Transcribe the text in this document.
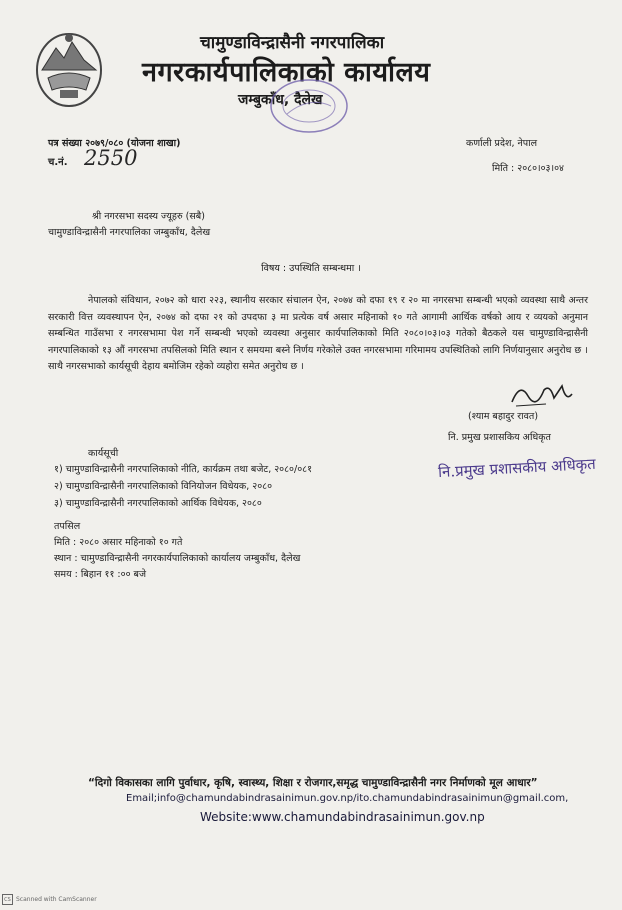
चामुण्डाविन्द्रासैनी नगरपालिका
नगरकार्यपालिकाको कार्यालय
जम्बुकाँध, दैलेख
पत्र संख्या २०७९/०८० (योजना शाखा)
च.नं. 2550
कर्णाली प्रदेश, नेपाल
मिति : २०८०।०३।०४
श्री नगरसभा सदस्य ज्यूहरु (सबै)
चामुण्डाविन्द्रासैनी नगरपालिका जम्बुकाँध, दैलेख
विषय : उपस्थिति सम्बन्धमा ।
नेपालको संविधान, २०७२ को धारा २२३, स्थानीय सरकार संचालन ऐन, २०७४ को दफा १९ र २० मा नगरसभा सम्बन्धी भएको व्यवस्था साथै अन्तर सरकारी वित्त व्यवस्थापन ऐन, २०७४ को दफा २१ को उपदफा ३ मा प्रत्येक वर्ष असार महिनाको १० गते आगामी आर्थिक वर्षको आय र व्ययको अनुमान सम्बन्धित गाउँसभा र नगरसभामा पेश गर्ने सम्बन्धी भएको व्यवस्था अनुसार कार्यपालिकाको मिति २०८०।०३।०३ गतेको बैठकले यस चामुण्डाविन्द्रासैनी नगरपालिकाको १३ औं नगरसभा तपसिलको मिति स्थान र समयमा बस्ने निर्णय गरेकोले उक्त नगरसभामा गरिमामय उपस्थितिको लागि निर्णयानुसार अनुरोध छ । साथै नगरसभाको कार्यसूची देहाय बमोजिम रहेको व्यहोरा समेत अनुरोध छ ।
(श्याम बहादुर रावत)
नि. प्रमुख प्रशासकिय अधिकृत
नि.प्रमुख प्रशासकीय अधिकृत
कार्यसूची
१) चामुण्डाविन्द्रासैनी नगरपालिकाको नीति, कार्यक्रम तथा बजेट, २०८०/०८१
२) चामुण्डाविन्द्रासैनी नगरपालिकाको विनियोजन विधेयक, २०८०
३) चामुण्डाविन्द्रासैनी नगरपालिकाको आर्थिक विधेयक, २०८०
तपसिल
मिति : २०८० असार महिनाको १० गते
स्थान : चामुण्डाविन्द्रासैनी नगरकार्यपालिकाको कार्यालय जम्बुकाँध, दैलेख
समय : बिहान ११ :०० बजे
“दिगो विकासका लागि पुर्वाधार, कृषि, स्वास्थ्य, शिक्षा र रोजगार,समृद्ध चामुण्डाविन्द्रासैनी नगर निर्माणको मूल आधार”
Email;info@chamundabindrasainimun.gov.np/ito.chamundabindrasainimun@gmail.com,
Website:www.chamundabindrasainimun.gov.np
CS Scanned with CamScanner
